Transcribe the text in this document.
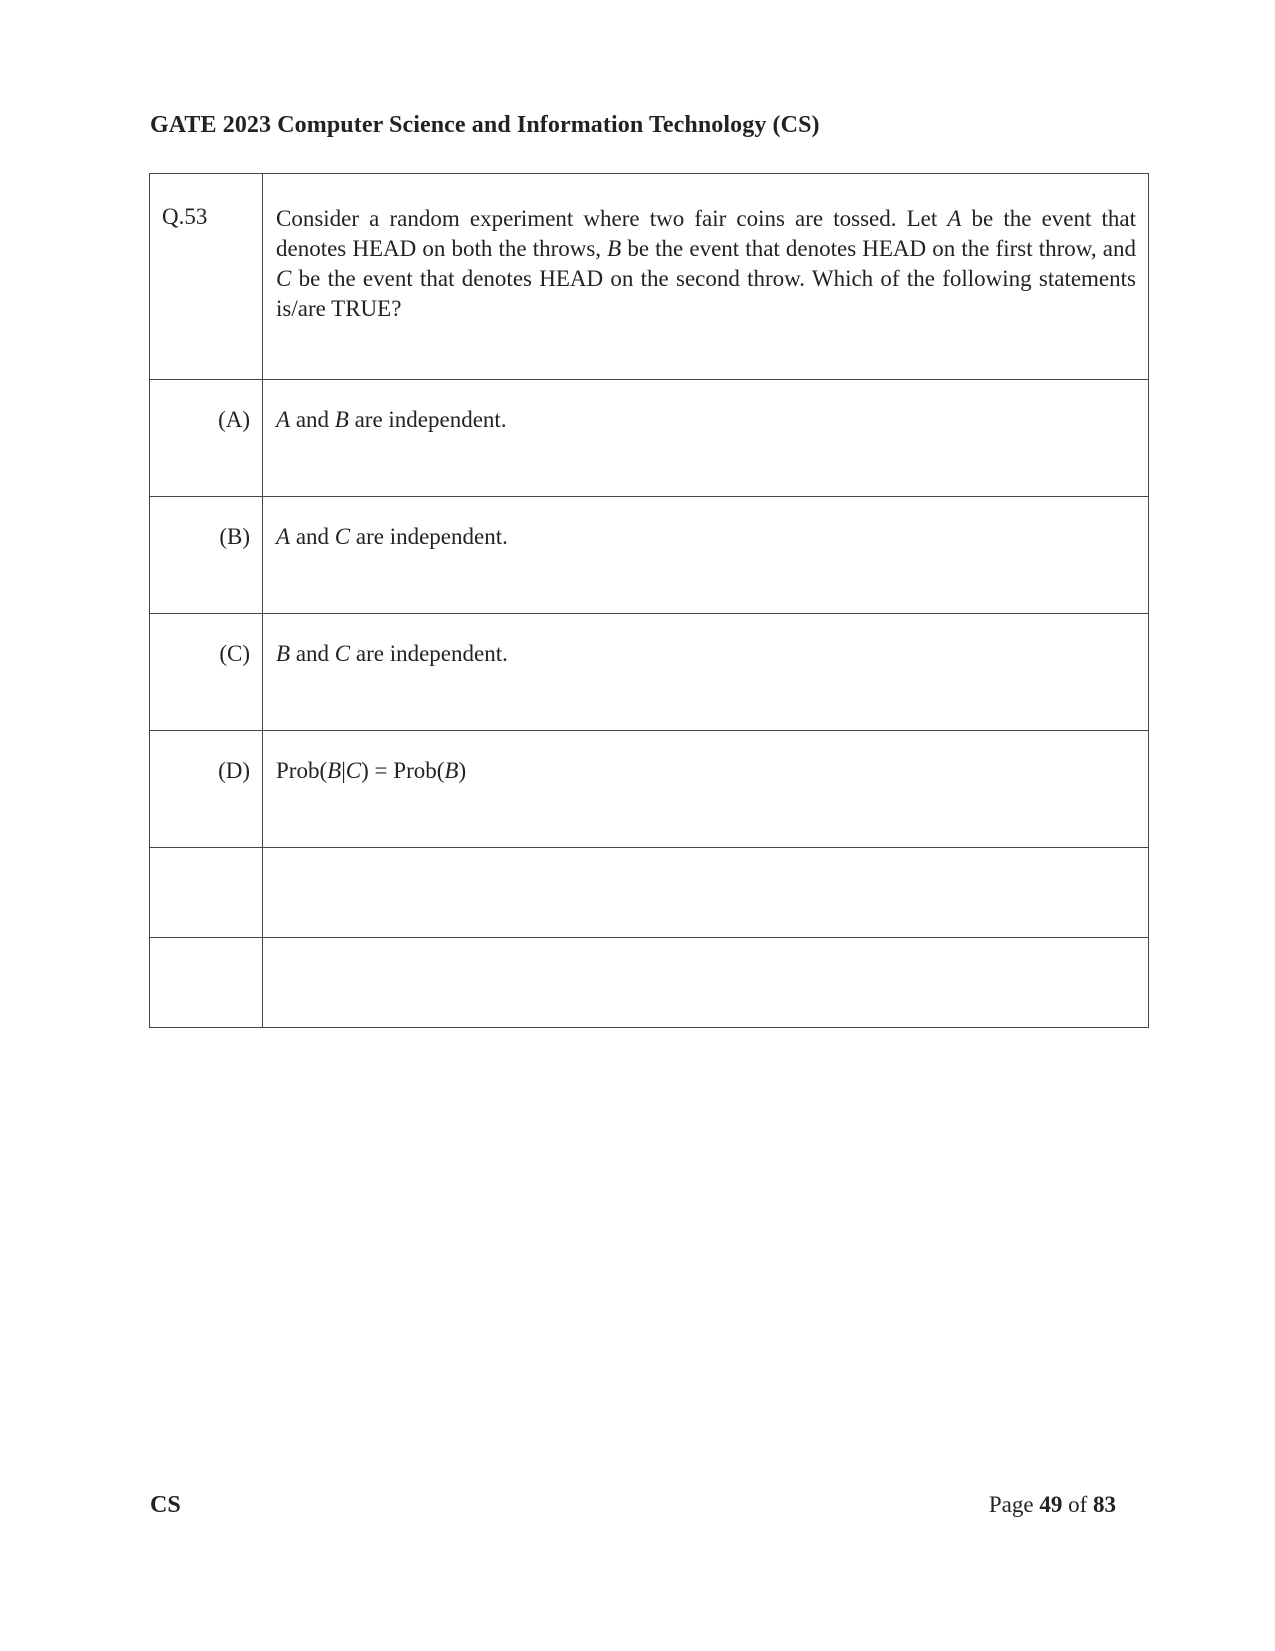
GATE 2023 Computer Science and Information Technology (CS)
Q.53	Consider a random experiment where two fair coins are tossed. Let A be the event that denotes HEAD on both the throws, B be the event that denotes HEAD on the first throw, and C be the event that denotes HEAD on the second throw. Which of the following statements is/are TRUE?
(A)	A and B are independent.
(B)	A and C are independent.
(C)	B and C are independent.
(D)	Prob(B|C) = Prob(B)

CS	Page 49 of 83
